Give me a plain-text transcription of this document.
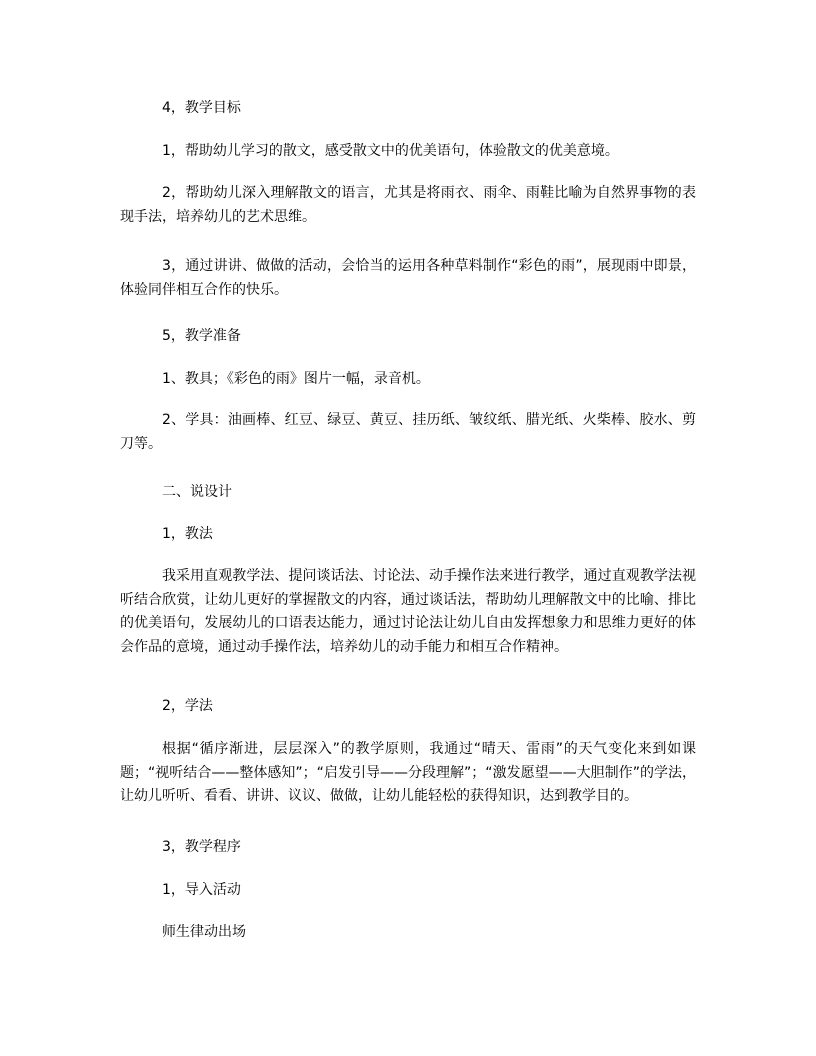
4，教学目标

1，帮助幼儿学习的散文，感受散文中的优美语句，体验散文的优美意境。

2，帮助幼儿深入理解散文的语言，尤其是将雨衣、雨伞、雨鞋比喻为自然界事物的表现手法，培养幼儿的艺术思维。

3，通过讲讲、做做的活动，会恰当的运用各种草料制作“彩色的雨”，展现雨中即景，体验同伴相互合作的快乐。

5，教学准备

1、教具；《彩色的雨》图片一幅，录音机。

2、学具：油画棒、红豆、绿豆、黄豆、挂历纸、皱纹纸、腊光纸、火柴棒、胶水、剪刀等。

二、说设计

1，教法

我采用直观教学法、提问谈话法、讨论法、动手操作法来进行教学，通过直观教学法视听结合欣赏，让幼儿更好的掌握散文的内容，通过谈话法，帮助幼儿理解散文中的比喻、排比的优美语句，发展幼儿的口语表达能力，通过讨论法让幼儿自由发挥想象力和思维力更好的体会作品的意境，通过动手操作法，培养幼儿的动手能力和相互合作精神。

2，学法

根据“循序渐进，层层深入”的教学原则，我通过“晴天、雷雨”的天气变化来到如课题；“视听结合——整体感知”；“启发引导——分段理解”；“激发愿望——大胆制作”的学法，让幼儿听听、看看、讲讲、议议、做做，让幼儿能轻松的获得知识，达到教学目的。

3，教学程序

1，导入活动

师生律动出场
